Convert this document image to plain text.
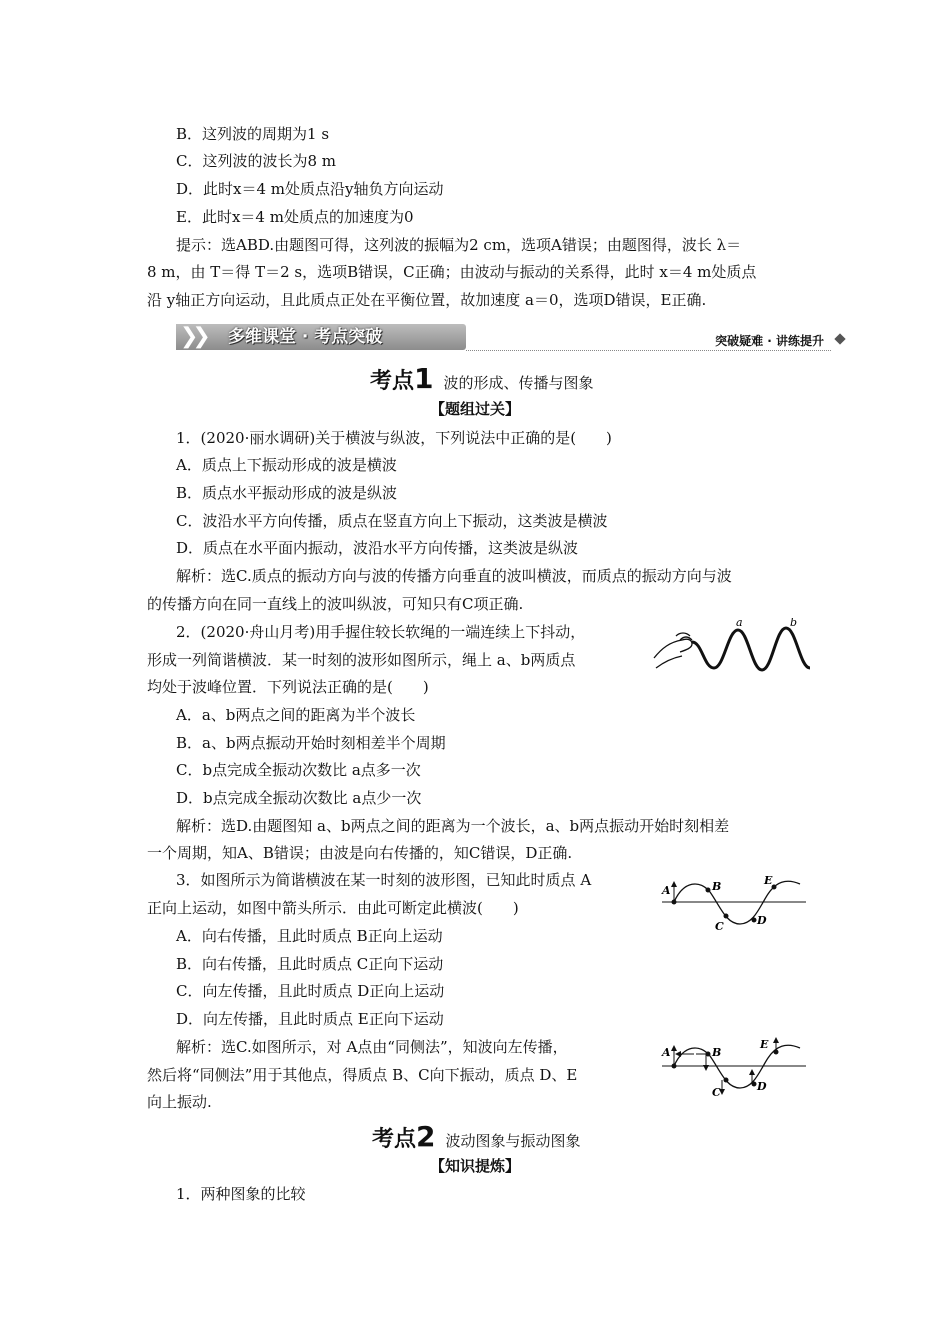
B．这列波的周期为1 s
C．这列波的波长为8 m
D．此时x＝4 m处质点沿y轴负方向运动
E．此时x＝4 m处质点的加速度为0
提示：选ABD.由题图可得，这列波的振幅为2 cm，选项A错误；由题图得，波长 λ＝
8 m，由 T＝得 T＝2 s，选项B错误，C正确；由波动与振动的关系得，此时 x＝4 m处质点
沿 y轴正方向运动，且此质点正处在平衡位置，故加速度 a＝0，选项D错误，E正确.
❯❯ 多维课堂 · 考点突破	突破疑难 · 讲练提升
考点1 波的形成、传播与图象
【题组过关】
1．(2020·丽水调研)关于横波与纵波，下列说法中正确的是(　　)
A．质点上下振动形成的波是横波
B．质点水平振动形成的波是纵波
C．波沿水平方向传播，质点在竖直方向上下振动，这类波是横波
D．质点在水平面内振动，波沿水平方向传播，这类波是纵波
解析：选C.质点的振动方向与波的传播方向垂直的波叫横波，而质点的振动方向与波
的传播方向在同一直线上的波叫纵波，可知只有C项正确.
2．(2020·舟山月考)用手握住较长软绳的一端连续上下抖动，
形成一列简谐横波．某一时刻的波形如图所示，绳上 a、b两质点
均处于波峰位置．下列说法正确的是(　　)
a	b
A．a、b两点之间的距离为半个波长
B．a、b两点振动开始时刻相差半个周期
C．b点完成全振动次数比 a点多一次
D．b点完成全振动次数比 a点少一次
解析：选D.由题图知 a、b两点之间的距离为一个波长，a、b两点振动开始时刻相差
一个周期，知A、B错误；由波是向右传播的，知C错误，D正确.
3．如图所示为简谐横波在某一时刻的波形图，已知此时质点 A
正向上运动，如图中箭头所示．由此可断定此横波(　　)
A	B
C	D
E
A．向右传播，且此时质点 B正向上运动
B．向右传播，且此时质点 C正向下运动
C．向左传播，且此时质点 D正向上运动
D．向左传播，且此时质点 E正向下运动
解析：选C.如图所示，对 A点由“同侧法”，知波向左传播，
然后将“同侧法”用于其他点，得质点 B、C向下振动，质点 D、E
向上振动.
A	B
C	D
E
考点2 波动图象与振动图象
【知识提炼】
1．两种图象的比较
